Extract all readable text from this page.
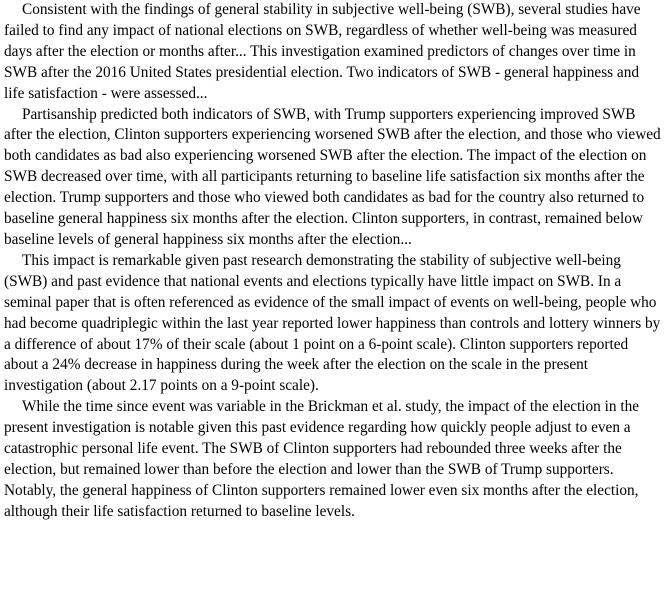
Consistent with the findings of general stability in subjective well-being (SWB), several studies have failed to find any impact of national elections on SWB, regardless of whether well-being was measured days after the election or months after... This investigation examined predictors of changes over time in SWB after the 2016 United States presidential election. Two indicators of SWB - general happiness and life satisfaction - were assessed...

Partisanship predicted both indicators of SWB, with Trump supporters experiencing improved SWB after the election, Clinton supporters experiencing worsened SWB after the election, and those who viewed both candidates as bad also experiencing worsened SWB after the election. The impact of the election on SWB decreased over time, with all participants returning to baseline life satisfaction six months after the election. Trump supporters and those who viewed both candidates as bad for the country also returned to baseline general happiness six months after the election. Clinton supporters, in contrast, remained below baseline levels of general happiness six months after the election...

This impact is remarkable given past research demonstrating the stability of subjective well-being (SWB) and past evidence that national events and elections typically have little impact on SWB. In a seminal paper that is often referenced as evidence of the small impact of events on well-being, people who had become quadriplegic within the last year reported lower happiness than controls and lottery winners by a difference of about 17% of their scale (about 1 point on a 6-point scale). Clinton supporters reported about a 24% decrease in happiness during the week after the election on the scale in the present investigation (about 2.17 points on a 9-point scale).

While the time since event was variable in the Brickman et al. study, the impact of the election in the present investigation is notable given this past evidence regarding how quickly people adjust to even a catastrophic personal life event. The SWB of Clinton supporters had rebounded three weeks after the election, but remained lower than before the election and lower than the SWB of Trump supporters. Notably, the general happiness of Clinton supporters remained lower even six months after the election, although their life satisfaction returned to baseline levels.
